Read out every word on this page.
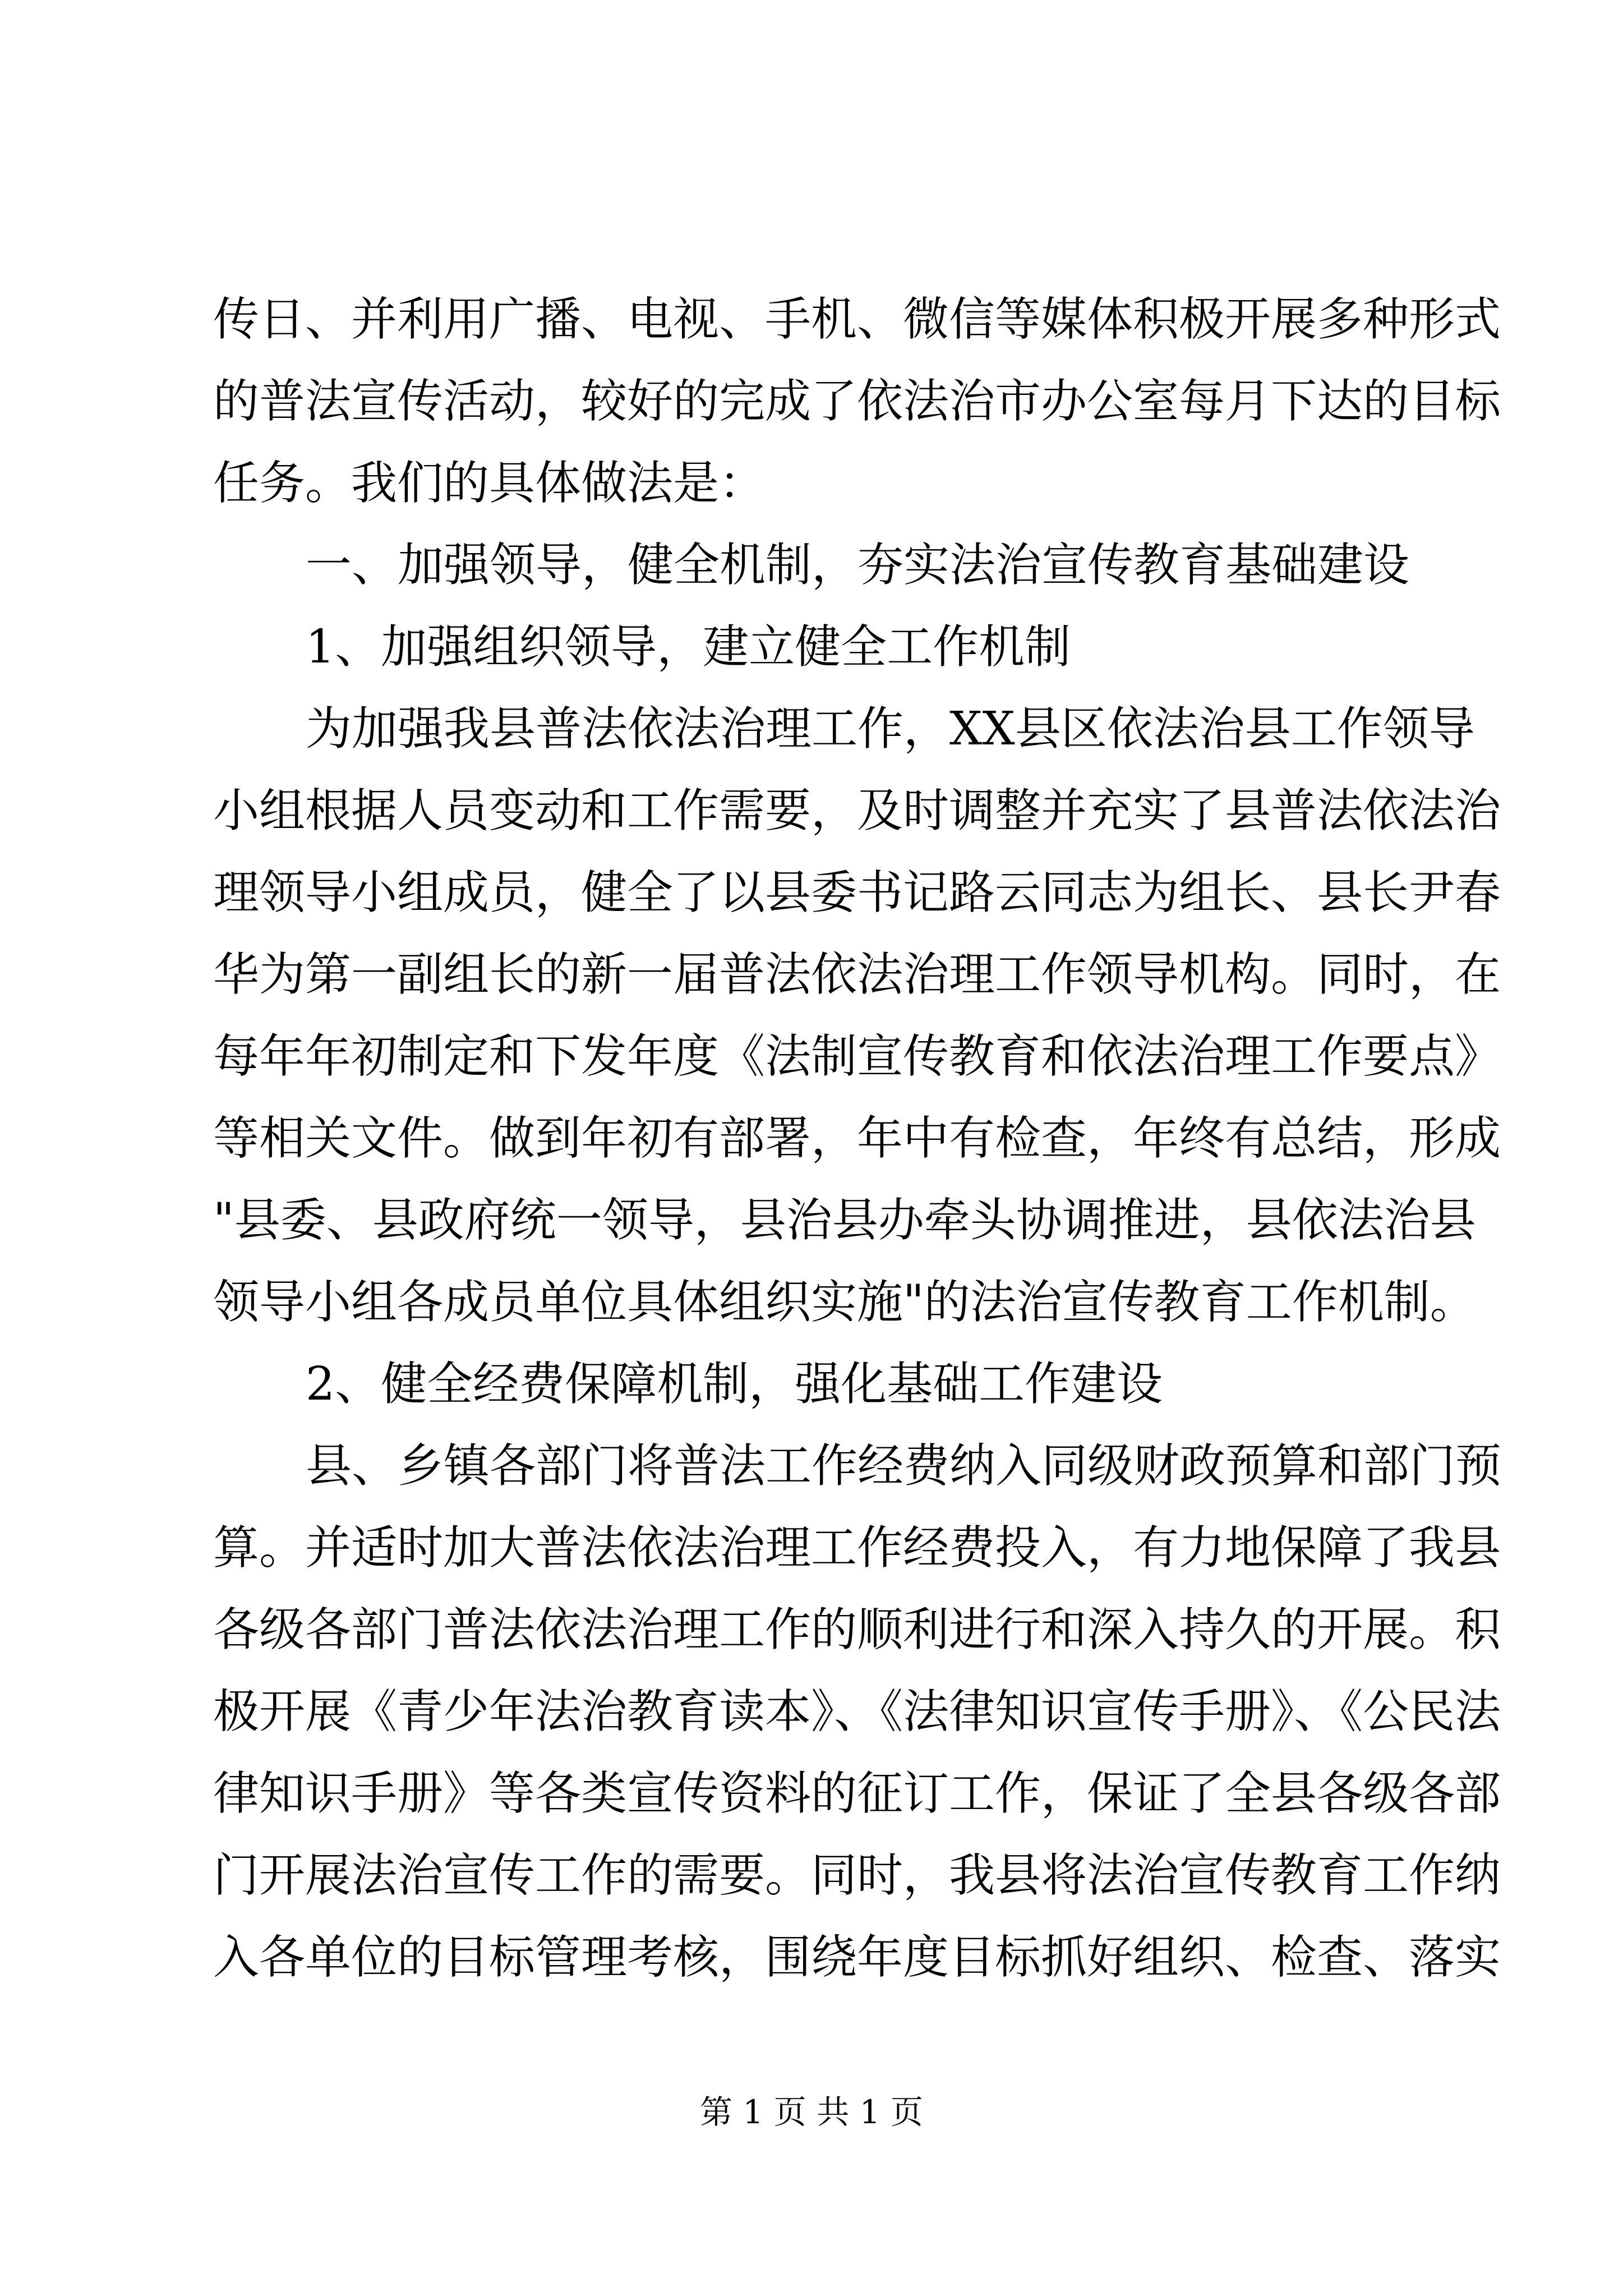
传日、并利用广播、电视、手机、微信等媒体积极开展多种形式
的普法宣传活动，较好的完成了依法治市办公室每月下达的目标
任务。我们的具体做法是：
一、加强领导，健全机制，夯实法治宣传教育基础建设
1、加强组织领导，建立健全工作机制
为加强我县普法依法治理工作，XX县区依法治县工作领导
小组根据人员变动和工作需要，及时调整并充实了县普法依法治
理领导小组成员，健全了以县委书记路云同志为组长、县长尹春
华为第一副组长的新一届普法依法治理工作领导机构。同时，在
每年年初制定和下发年度《法制宣传教育和依法治理工作要点》
等相关文件。做到年初有部署，年中有检查，年终有总结，形成
"县委、县政府统一领导，县治县办牵头协调推进，县依法治县
领导小组各成员单位具体组织实施"的法治宣传教育工作机制。
2、健全经费保障机制，强化基础工作建设
县、乡镇各部门将普法工作经费纳入同级财政预算和部门预
算。并适时加大普法依法治理工作经费投入，有力地保障了我县
各级各部门普法依法治理工作的顺利进行和深入持久的开展。积
极开展《青少年法治教育读本》、《法律知识宣传手册》、《公民法
律知识手册》等各类宣传资料的征订工作，保证了全县各级各部
门开展法治宣传工作的需要。同时，我县将法治宣传教育工作纳
入各单位的目标管理考核，围绕年度目标抓好组织、检查、落实
第 1 页 共 1 页
